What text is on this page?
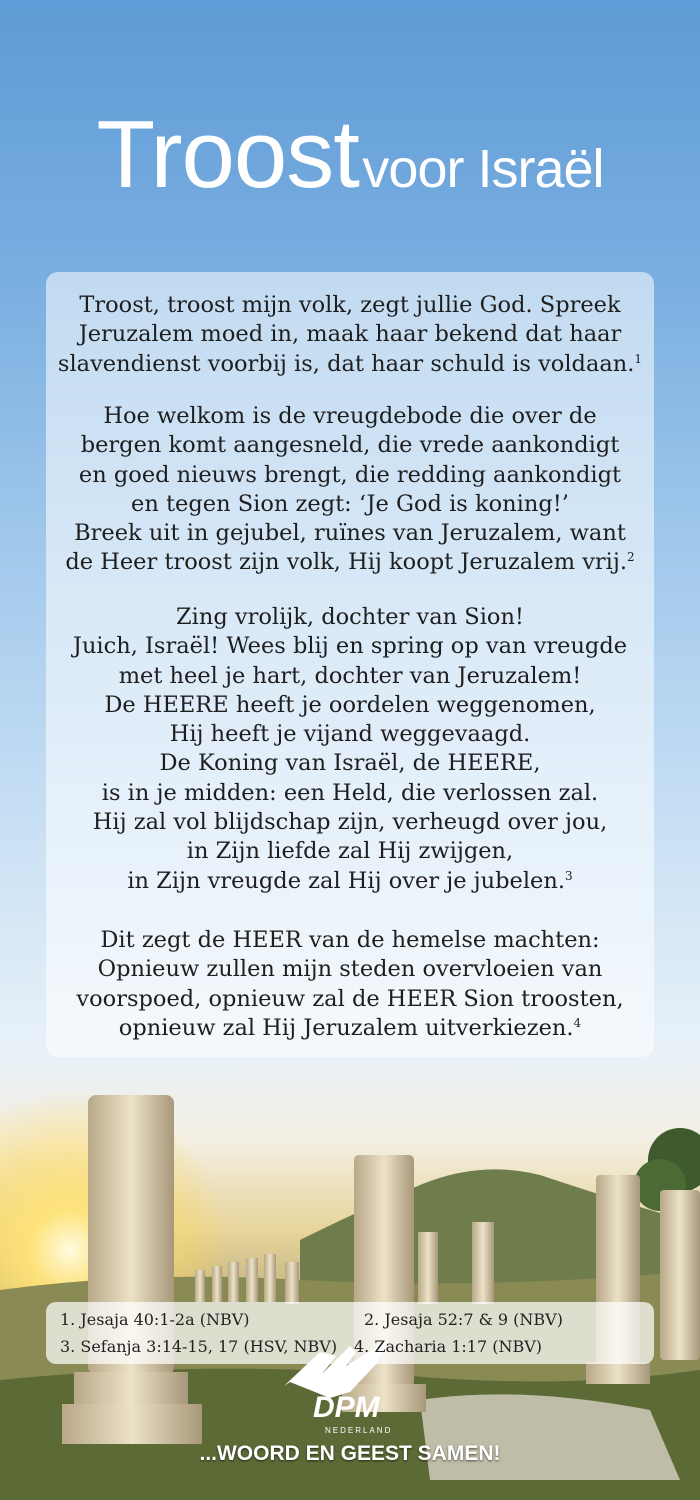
Troost voor Israël

Troost, troost mijn volk, zegt jullie God. Spreek
Jeruzalem moed in, maak haar bekend dat haar
slavendienst voorbij is, dat haar schuld is voldaan.$^1$

Hoe welkom is de vreugdebode die over de
bergen komt aangesneld, die vrede aankondigt
en goed nieuws brengt, die redding aankondigt
en tegen Sion zegt: ‘Je God is koning!’
Breek uit in gejubel, ruïnes van Jeruzalem, want
de Heer troost zijn volk, Hij koopt Jeruzalem vrij.$^2$

Zing vrolijk, dochter van Sion!
Juich, Israël! Wees blij en spring op van vreugde
met heel je hart, dochter van Jeruzalem!
De HEERE heeft je oordelen weggenomen,
Hij heeft je vijand weggevaagd.
De Koning van Israël, de HEERE,
is in je midden: een Held, die verlossen zal.
Hij zal vol blijdschap zijn, verheugd over jou,
in Zijn liefde zal Hij zwijgen,
in Zijn vreugde zal Hij over je jubelen.$^3$

Dit zegt de HEER van de hemelse machten:
Opnieuw zullen mijn steden overvloeien van
voorspoed, opnieuw zal de HEER Sion troosten,
opnieuw zal Hij Jeruzalem uitverkiezen.$^4$

1. Jesaja 40:1-2a (NBV)	2. Jesaja 52:7 & 9 (NBV)
3. Sefanja 3:14-15, 17 (HSV, NBV) 4. Zacharia 1:17 (NBV)
DPM
NEDERLAND
...WOORD EN GEEST SAMEN!
